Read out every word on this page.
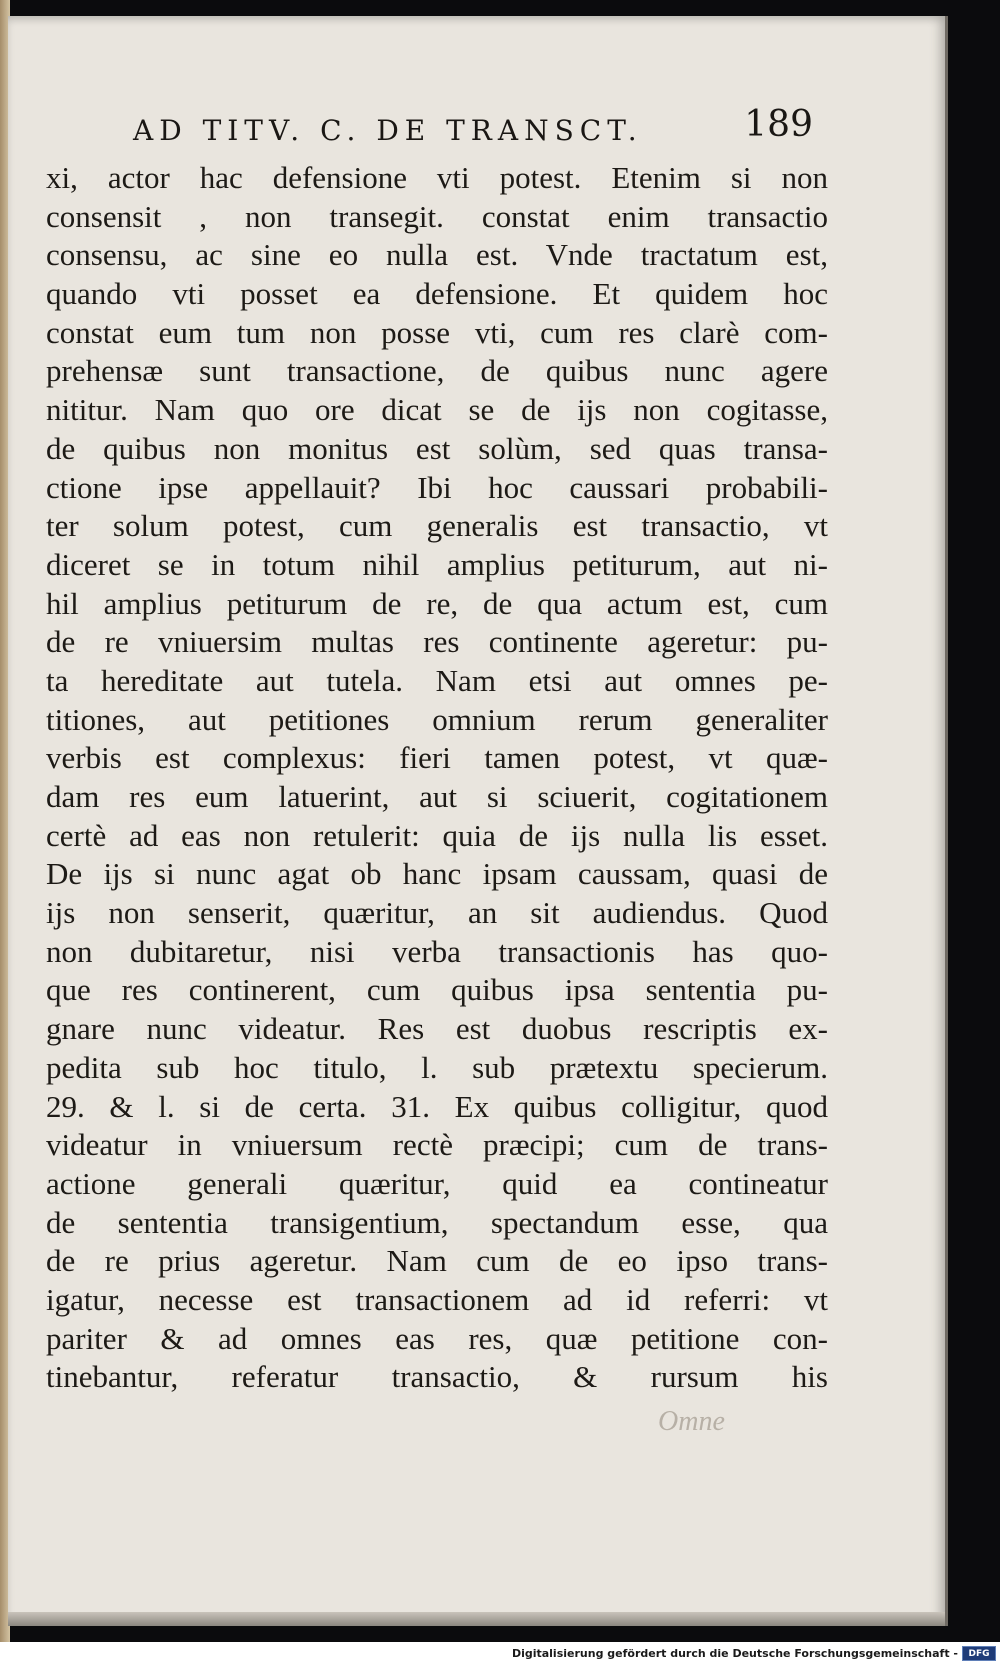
AD TITV. C. DE TRANSCT.	189
xi, actor hac defensione vti potest. Etenim si non
consensit , non transegit. constat enim transactio
consensu, ac sine eo nulla est. Vnde tractatum est,
quando vti posset ea defensione. Et quidem hoc
constat eum tum non posse vti, cum res clarè com-
prehensæ sunt transactione, de quibus nunc agere
nititur. Nam quo ore dicat se de ijs non cogitasse,
de quibus non monitus est solùm, sed quas transa-
ctione ipse appellauit? Ibi hoc caussari probabili-
ter solum potest, cum generalis est transactio, vt
diceret se in totum nihil amplius petiturum, aut ni-
hil amplius petiturum de re, de qua actum est, cum
de re vniuersim multas res continente ageretur: pu-
ta hereditate aut tutela. Nam etsi aut omnes pe-
titiones, aut petitiones omnium rerum generaliter
verbis est complexus: fieri tamen potest, vt quæ-
dam res eum latuerint, aut si sciuerit, cogitationem
certè ad eas non retulerit: quia de ijs nulla lis esset.
De ijs si nunc agat ob hanc ipsam caussam, quasi de
ijs non senserit, quæritur, an sit audiendus. Quod
non dubitaretur, nisi verba transactionis has quo-
que res continerent, cum quibus ipsa sententia pu-
gnare nunc videatur. Res est duobus rescriptis ex-
pedita sub hoc titulo, l. sub prætextu specierum.
29. & l. si de certa. 31. Ex quibus colligitur, quod
videatur in vniuersum rectè præcipi; cum de trans-
actione generali quæritur, quid ea contineatur
de sententia transigentium, spectandum esse, qua
de re prius ageretur. Nam cum de eo ipso trans-
igatur, necesse est transactionem ad id referri: vt
pariter & ad omnes eas res, quæ petitione con-
tinebantur, referatur transactio, & rursum his
Omne
Digitalisierung gefördert durch die Deutsche Forschungsgemeinschaft -	DFG
